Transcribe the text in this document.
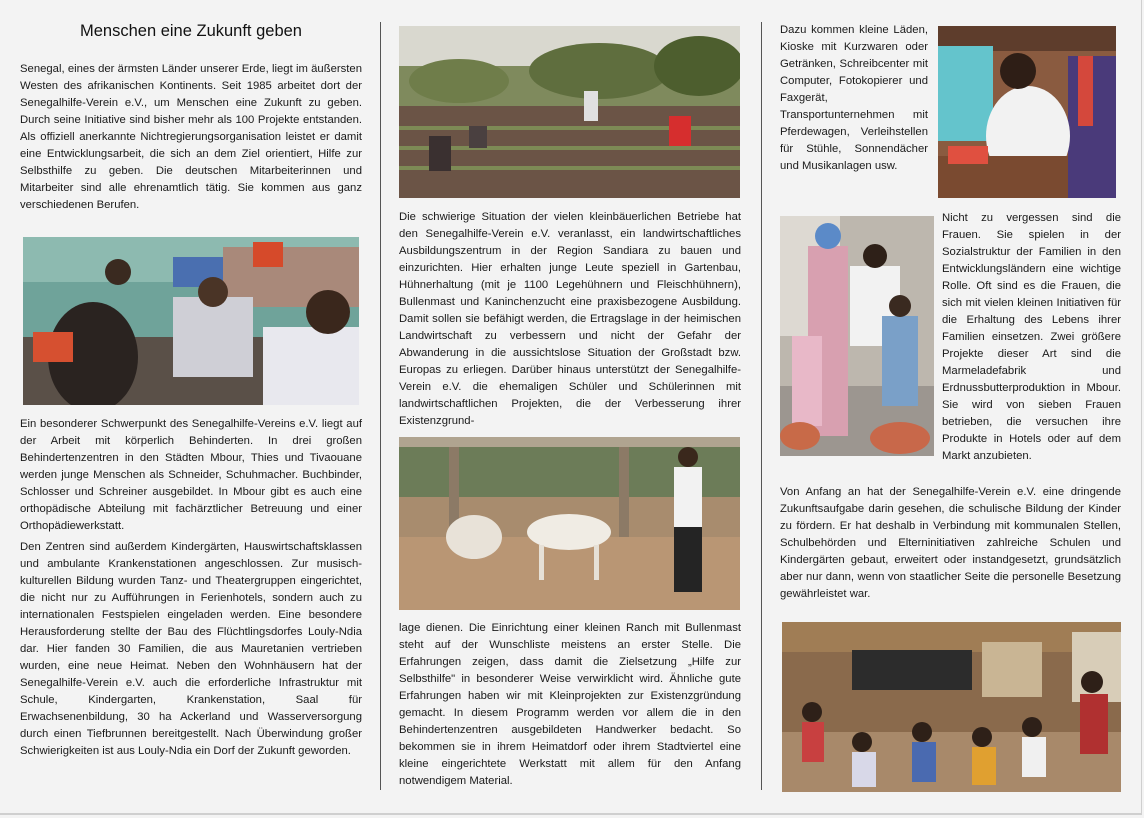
Menschen eine Zukunft geben

Senegal, eines der ärmsten Länder unserer Erde, liegt im äußersten Westen des afrikanischen Kontinents. Seit 1985 arbeitet dort der Senegalhilfe-Verein e.V., um Menschen eine Zukunft zu geben. Durch seine Initiative sind bisher mehr als 100 Projekte entstanden. Als offiziell anerkannte Nichtregierungsorganisation leistet er damit eine Entwicklungsarbeit, die sich an dem Ziel orientiert, Hilfe zur Selbsthilfe zu geben. Die deutschen Mitarbeiterinnen und Mitarbeiter sind alle ehrenamtlich tätig. Sie kommen aus ganz verschiedenen Berufen.

Ein besonderer Schwerpunkt des Senegalhilfe-Vereins e.V. liegt auf der Arbeit mit körperlich Behinderten. In drei großen Behindertenzentren in den Städten Mbour, Thies und Tivaouane werden junge Menschen als Schneider, Schuhmacher. Buchbinder, Schlosser und Schreiner ausgebildet. In Mbour gibt es auch eine orthopädische Abteilung mit fachärztlicher Betreuung und einer Orthopädiewerkstatt.

Den Zentren sind außerdem Kindergärten, Hauswirtschaftsklassen und ambulante Krankenstationen angeschlossen. Zur musisch-kulturellen Bildung wurden Tanz- und Theatergruppen eingerichtet, die nicht nur zu Aufführungen in Ferienhotels, sondern auch zu internationalen Festspielen eingeladen werden. Eine besondere Herausforderung stellte der Bau des Flüchtlingsdorfes Louly-Ndia dar. Hier fanden 30 Familien, die aus Mauretanien vertrieben wurden, eine neue Heimat. Neben den Wohnhäusern hat der Senegalhilfe-Verein e.V. auch die erforderliche Infrastruktur mit Schule, Kindergarten, Krankenstation, Saal für Erwachsenenbildung, 30 ha Ackerland und Wasserversorgung durch einen Tiefbrunnen bereitgestellt. Nach Überwindung großer Schwierigkeiten ist aus Louly-Ndia ein Dorf der Zukunft geworden.

Die schwierige Situation der vielen kleinbäuerlichen Betriebe hat den Senegalhilfe-Verein e.V. veranlasst, ein landwirtschaftliches Ausbildungszentrum in der Region Sandiara zu bauen und einzurichten. Hier erhalten junge Leute speziell in Gartenbau, Hühnerhaltung (mit je 1100 Legehühnern und Fleischhühnern), Bullenmast und Kaninchenzucht eine praxisbezogene Ausbildung. Damit sollen sie befähigt werden, die Ertragslage in der heimischen Landwirtschaft zu verbessern und nicht der Gefahr der Abwanderung in die aussichtslose Situation der Großstadt bzw. Europas zu erliegen. Darüber hinaus unterstützt der Senegalhilfe-Verein e.V. die ehemaligen Schüler und Schülerinnen mit landwirtschaftlichen Projekten, die der Verbesserung ihrer Existenzgrund-

lage dienen. Die Einrichtung einer kleinen Ranch mit Bullenmast steht auf der Wunschliste meistens an erster Stelle. Die Erfahrungen zeigen, dass damit die Zielsetzung „Hilfe zur Selbsthilfe" in besonderer Weise verwirklicht wird. Ähnliche gute Erfahrungen haben wir mit Kleinprojekten zur Existenzgründung gemacht. In diesem Programm werden vor allem die in den Behindertenzentren ausgebildeten Handwerker bedacht. So bekommen sie in ihrem Heimatdorf oder ihrem Stadtviertel eine kleine eingerichtete Werkstatt mit allem für den Anfang notwendigem Material.

Dazu kommen kleine Läden, Kioske mit Kurzwaren oder Getränken, Schreibcenter mit Computer, Fotokopierer und Faxgerät, Transportunternehmen mit Pferdewagen, Verleihstellen für Stühle, Sonnendächer und Musikanlagen usw.

Nicht zu vergessen sind die Frauen. Sie spielen in der Sozialstruktur der Familien in den Entwicklungsländern eine wichtige Rolle. Oft sind es die Frauen, die sich mit vielen kleinen Initiativen für die Erhaltung des Lebens ihrer Familien einsetzen. Zwei größere Projekte dieser Art sind die Marmeladefabrik und Erdnussbutterproduktion in Mbour. Sie wird von sieben Frauen betrieben, die versuchen ihre Produkte in Hotels oder auf dem Markt anzubieten.

Von Anfang an hat der Senegalhilfe-Verein e.V. eine dringende Zukunftsaufgabe darin gesehen, die schulische Bildung der Kinder zu fördern. Er hat deshalb in Verbindung mit kommunalen Stellen, Schulbehörden und Elterninitiativen zahlreiche Schulen und Kindergärten gebaut, erweitert oder instandgesetzt, grundsätzlich aber nur dann, wenn von staatlicher Seite die personelle Besetzung gewährleistet war.
